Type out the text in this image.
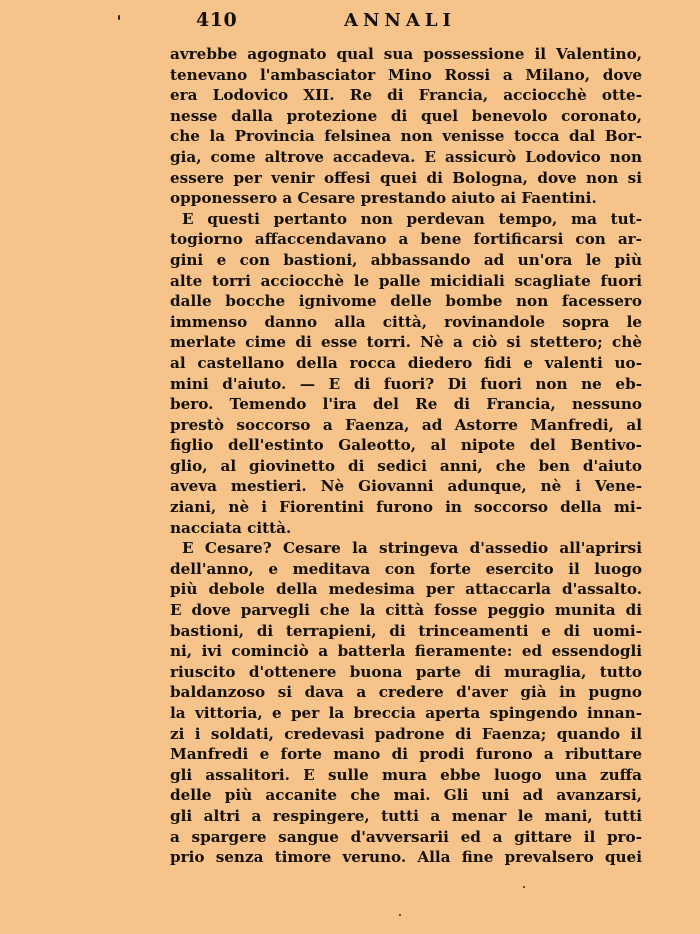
410	ANNALI
avrebbe agognato qual sua possessione il Valentino,
tenevano l'ambasciator Mino Rossi a Milano, dove
era Lodovico XII. Re di Francia, acciocchè otte-
nesse dalla protezione di quel benevolo coronato,
che la Provincia felsinea non venisse tocca dal Bor-
gia, come altrove accadeva. E assicurò Lodovico non
essere per venir offesi quei di Bologna, dove non si
opponessero a Cesare prestando aiuto ai Faentini.
E questi pertanto non perdevan tempo, ma tut-
togiorno affaccendavano a bene fortificarsi con ar-
gini e con bastioni, abbassando ad un'ora le più
alte torri acciocchè le palle micidiali scagliate fuori
dalle bocche ignivome delle bombe non facessero
immenso danno alla città, rovinandole sopra le
merlate cime di esse torri. Nè a ciò si stettero; chè
al castellano della rocca diedero fidi e valenti uo-
mini d'aiuto. — E di fuori? Di fuori non ne eb-
bero. Temendo l'ira del Re di Francia, nessuno
prestò soccorso a Faenza, ad Astorre Manfredi, al
figlio dell'estinto Galeotto, al nipote del Bentivo-
glio, al giovinetto di sedici anni, che ben d'aiuto
aveva mestieri. Nè Giovanni adunque, nè i Vene-
ziani, nè i Fiorentini furono in soccorso della mi-
nacciata città.
E Cesare? Cesare la stringeva d'assedio all'aprirsi
dell'anno, e meditava con forte esercito il luogo
più debole della medesima per attaccarla d'assalto.
E dove parvegli che la città fosse peggio munita di
bastioni, di terrapieni, di trinceamenti e di uomi-
ni, ivi cominciò a batterla fieramente: ed essendogli
riuscito d'ottenere buona parte di muraglia, tutto
baldanzoso si dava a credere d'aver già in pugno
la vittoria, e per la breccia aperta spingendo innan-
zi i soldati, credevasi padrone di Faenza; quando il
Manfredi e forte mano di prodi furono a ributtare
gli assalitori. E sulle mura ebbe luogo una zuffa
delle più accanite che mai. Gli uni ad avanzarsi,
gli altri a respingere, tutti a menar le mani, tutti
a spargere sangue d'avversarii ed a gittare il pro-
prio senza timore veruno. Alla fine prevalsero quei
